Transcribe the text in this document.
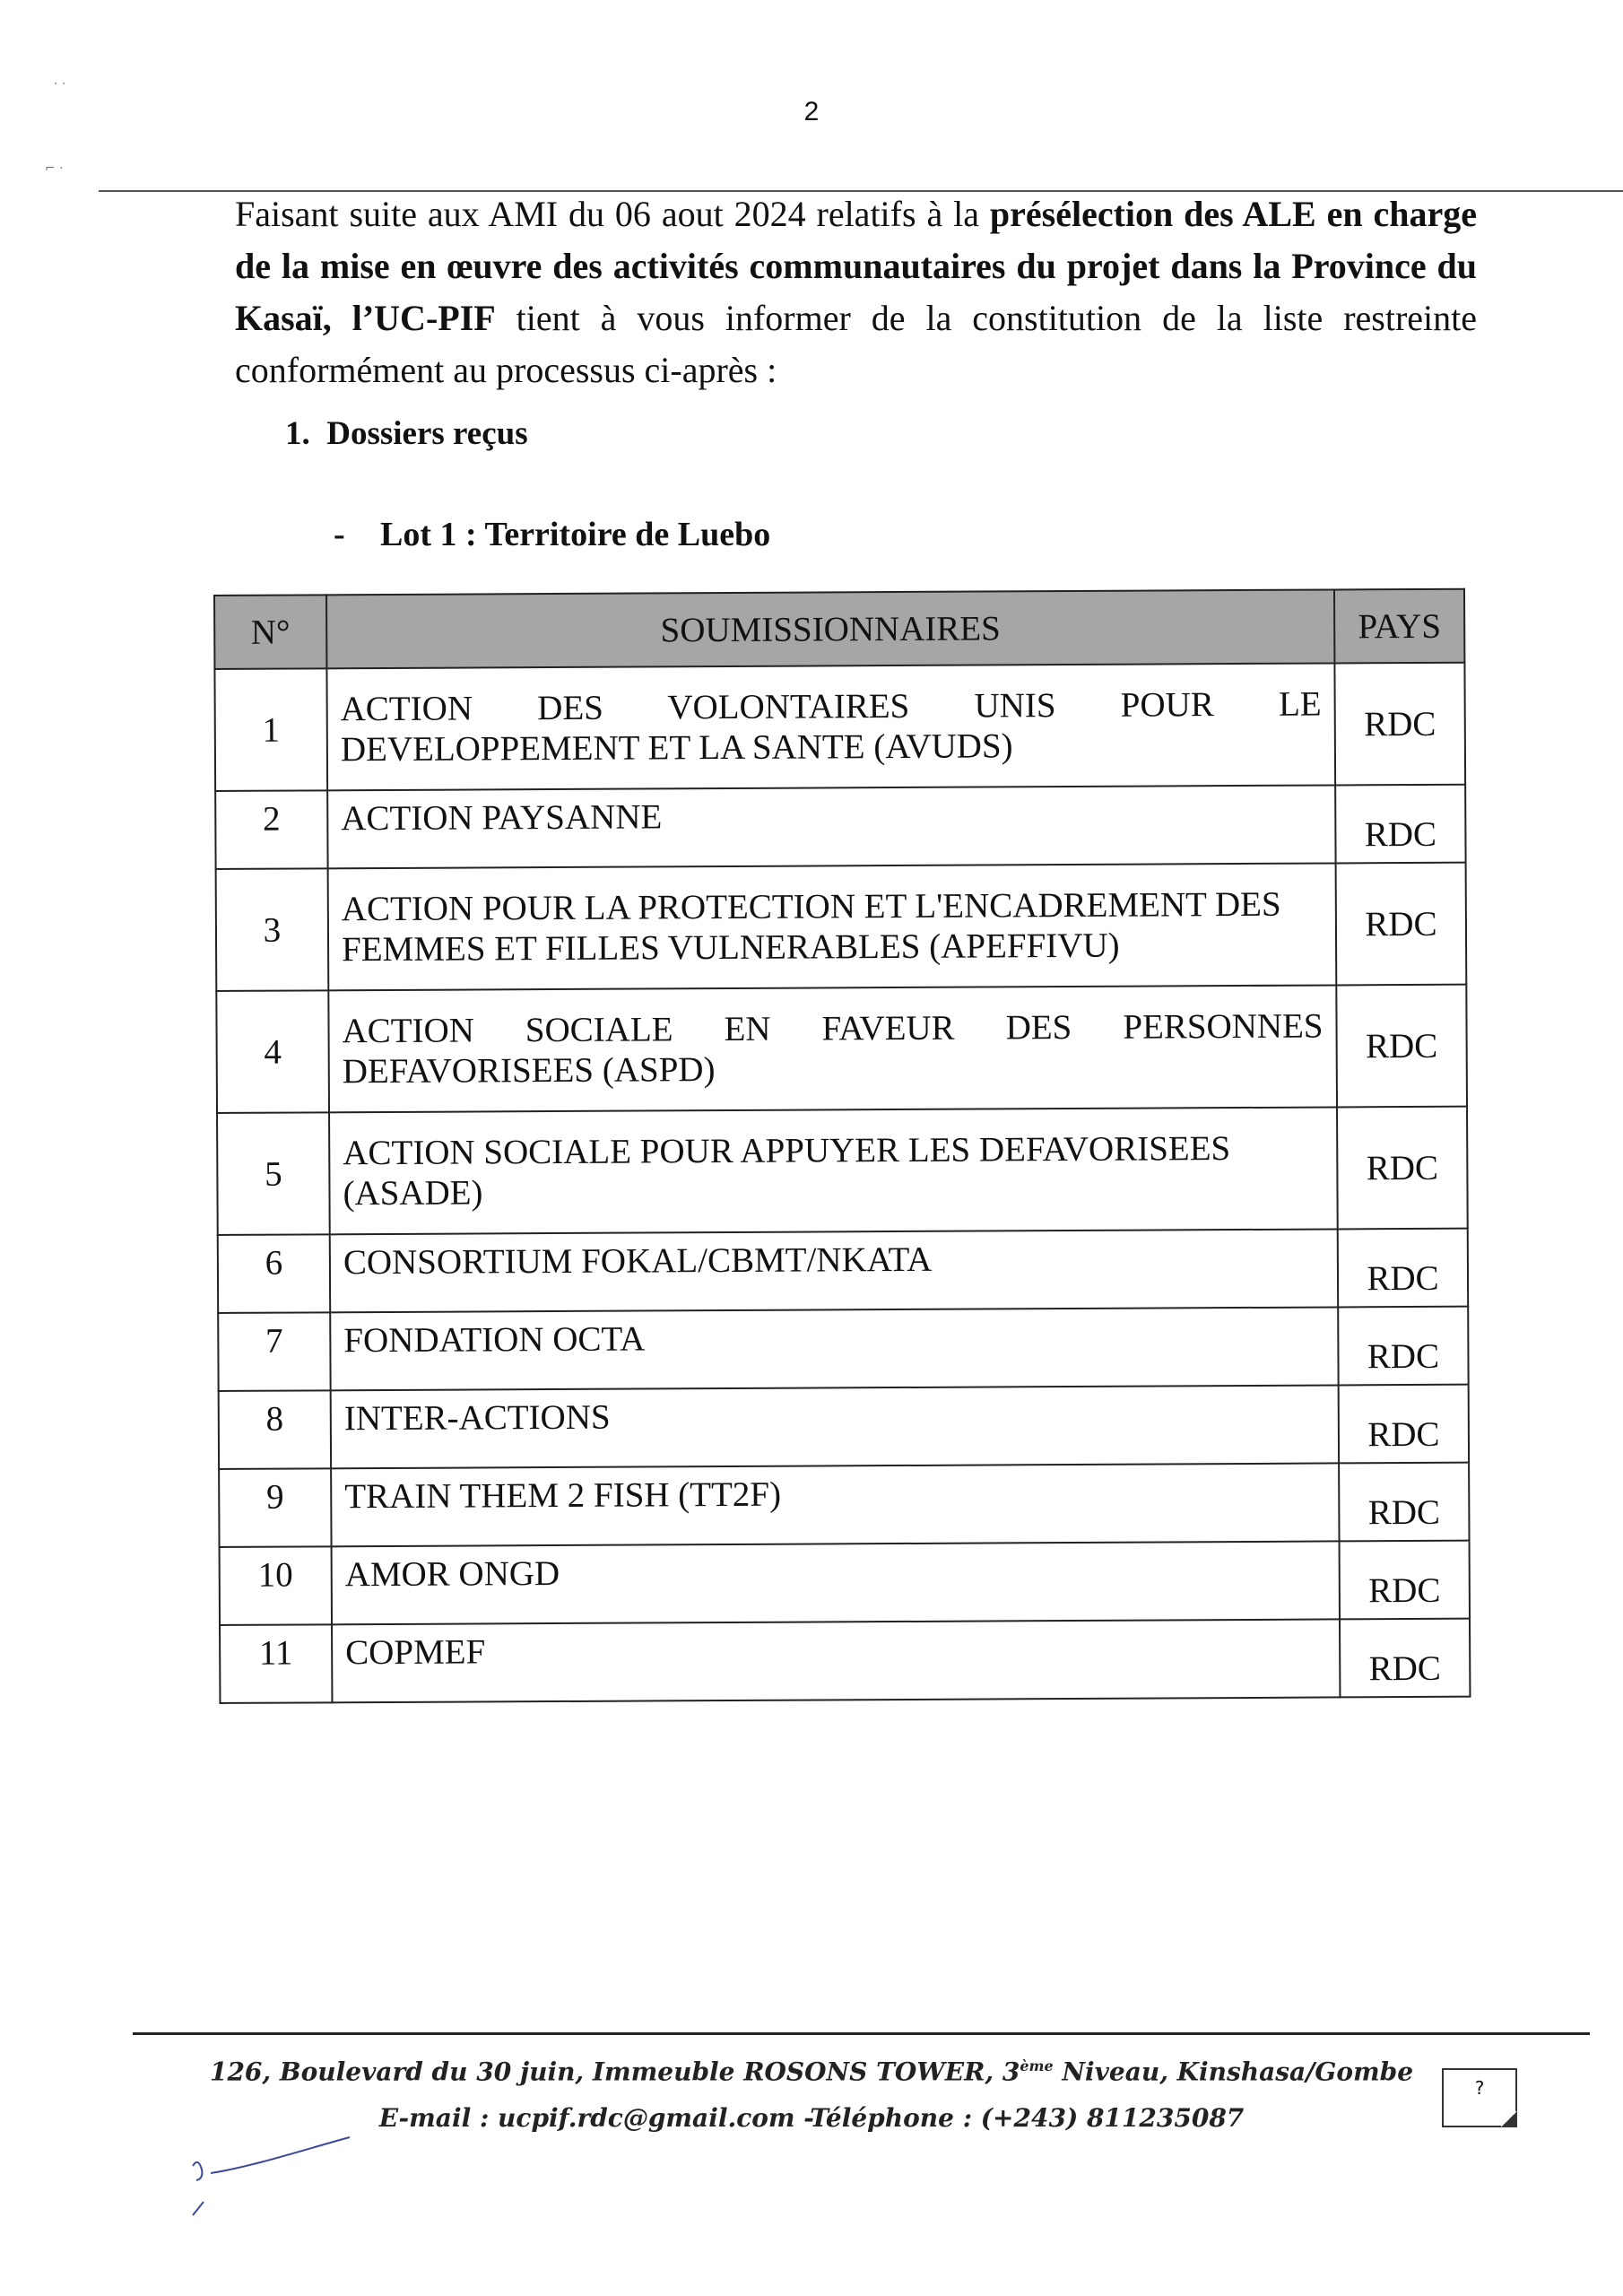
· ·
⌐ ·
2
Faisant suite aux AMI du 06 aout 2024 relatifs à la présélection des ALE en charge de la mise en œuvre des activités communautaires du projet dans la Province du Kasaï, l’UC-PIF tient à vous informer de la constitution de la liste restreinte conformément au processus ci-après :
1. Dossiers reçus
- Lot 1 : Territoire de Luebo
N°	SOUMISSIONNAIRES	PAYS
1	ACTION DES VOLONTAIRES UNIS POUR LE DEVELOPPEMENT ET LA SANTE (AVUDS)	RDC
2	ACTION PAYSANNE	RDC
3	ACTION POUR LA PROTECTION ET L'ENCADREMENT DES FEMMES ET FILLES VULNERABLES (APEFFIVU)	RDC
4	ACTION SOCIALE EN FAVEUR DES PERSONNES DEFAVORISEES (ASPD)	RDC
5	ACTION SOCIALE POUR APPUYER LES DEFAVORISEES (ASADE)	RDC
6	CONSORTIUM FOKAL/CBMT/NKATA	RDC
7	FONDATION OCTA	RDC
8	INTER-ACTIONS	RDC
9	TRAIN THEM 2 FISH (TT2F)	RDC
10	AMOR ONGD	RDC
11	COPMEF	RDC
126, Boulevard du 30 juin, Immeuble ROSONS TOWER, 3ème Niveau, Kinshasa/Gombe
E-mail : ucpif.rdc@gmail.com -Téléphone : (+243) 811235087
?
